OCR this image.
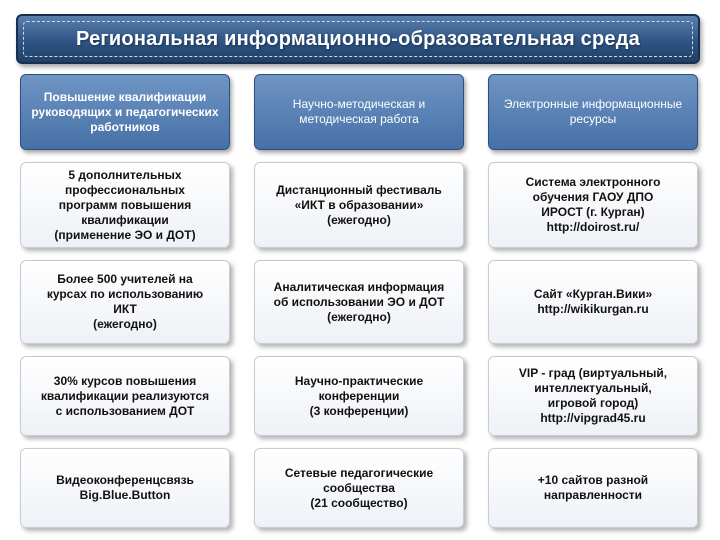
Региональная информационно-образовательная среда
Повышение квалификации руководящих и педагогических работников
5 дополнительных
профессиональных
программ повышения
квалификации
(применение ЭО и ДОТ)
Более 500 учителей на
курсах по использованию
ИКТ
(ежегодно)
30% курсов повышения
квалификации реализуются
с использованием ДОТ
Видеоконференцсвязь
Big.Blue.Button
Научно-методическая и методическая работа
Дистанционный фестиваль
«ИКТ в образовании»
(ежегодно)
Аналитическая информация
об использовании ЭО и ДОТ
(ежегодно)
Научно-практические
конференции
(3 конференции)
Сетевые педагогические
сообщества
(21 сообщество)
Электронные информационные ресурсы
Система электронного
обучения ГАОУ ДПО
ИРОСТ (г. Курган)
http://doirost.ru/
Сайт «Курган.Вики»
http://wikikurgan.ru
VIP - град (виртуальный,
интеллектуальный,
игровой город)
http://vipgrad45.ru
+10 сайтов разной
направленности
